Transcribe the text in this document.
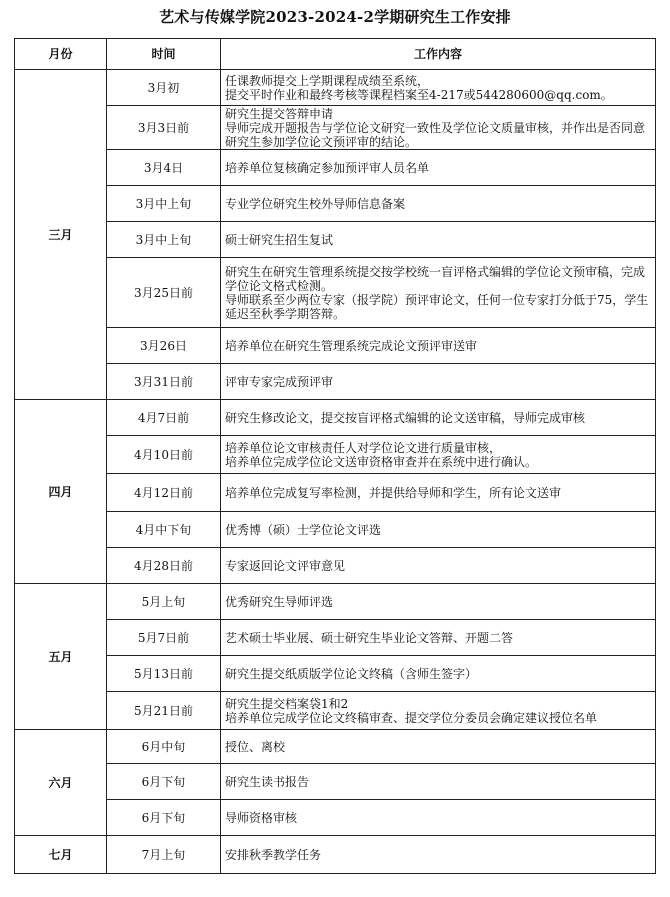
艺术与传媒学院2023-2024-2学期研究生工作安排
月份	时间	工作内容
三月	3月初	任课教师提交上学期课程成绩至系统，
提交平时作业和最终考核等课程档案至4-217或544280600@qq.com。
	3月3日前	研究生提交答辩申请
导师完成开题报告与学位论文研究一致性及学位论文质量审核，并作出是否同意研究生参加学位论文预评审的结论。
	3月4日	培养单位复核确定参加预评审人员名单
	3月中上旬	专业学位研究生校外导师信息备案
	3月中上旬	硕士研究生招生复试
	3月25日前	研究生在研究生管理系统提交按学校统一盲评格式编辑的学位论文预审稿，完成学位论文格式检测。
导师联系至少两位专家（报学院）预评审论文，任何一位专家打分低于75，学生延迟至秋季学期答辩。
	3月26日	培养单位在研究生管理系统完成论文预评审送审
	3月31日前	评审专家完成预评审
四月	4月7日前	研究生修改论文，提交按盲评格式编辑的论文送审稿，导师完成审核
	4月10日前	培养单位论文审核责任人对学位论文进行质量审核，
培养单位完成学位论文送审资格审查并在系统中进行确认。
	4月12日前	培养单位完成复写率检测，并提供给导师和学生，所有论文送审
	4月中下旬	优秀博（硕）士学位论文评选
	4月28日前	专家返回论文评审意见
五月	5月上旬	优秀研究生导师评选
	5月7日前	艺术硕士毕业展、硕士研究生毕业论文答辩、开题二答
	5月13日前	研究生提交纸质版学位论文终稿（含师生签字）
	5月21日前	研究生提交档案袋1和2
培养单位完成学位论文终稿审查、提交学位分委员会确定建议授位名单
六月	6月中旬	授位、离校
	6月下旬	研究生读书报告
	6月下旬	导师资格审核
七月	7月上旬	安排秋季教学任务
